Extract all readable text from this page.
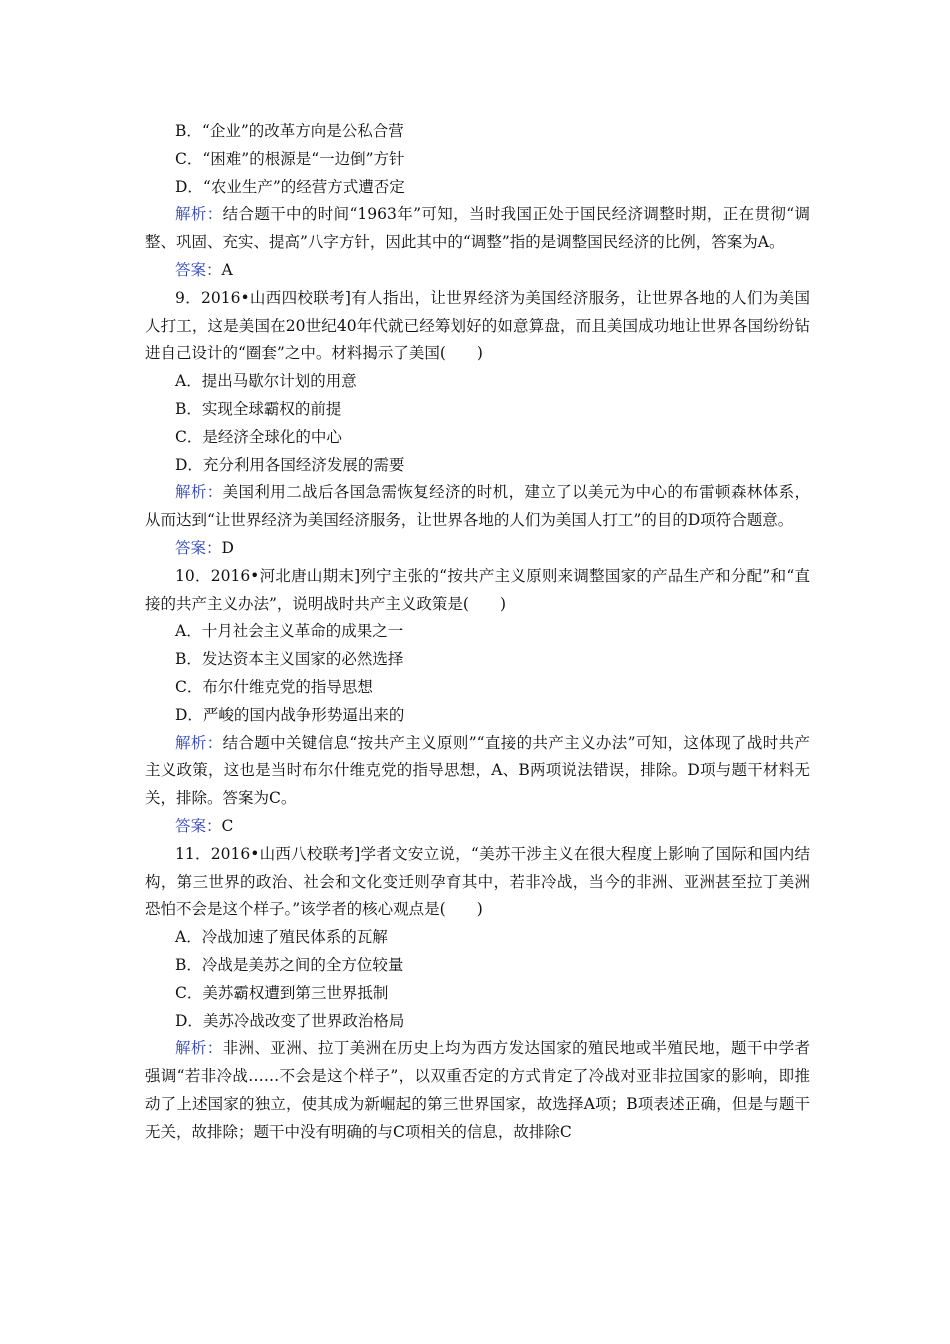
B．“企业”的改革方向是公私合营
C．“困难”的根源是“一边倒”方针
D．“农业生产”的经营方式遭否定
解析：结合题干中的时间“1963年”可知，当时我国正处于国民经济调整时期，正在贯彻“调整、巩固、充实、提高”八字方针，因此其中的“调整”指的是调整国民经济的比例，答案为A。
答案：A
9．2016•山西四校联考]有人指出，让世界经济为美国经济服务，让世界各地的人们为美国人打工，这是美国在20世纪40年代就已经筹划好的如意算盘，而且美国成功地让世界各国纷纷钻进自己设计的“圈套”之中。材料揭示了美国(　　)
A．提出马歇尔计划的用意
B．实现全球霸权的前提
C．是经济全球化的中心
D．充分利用各国经济发展的需要
解析：美国利用二战后各国急需恢复经济的时机，建立了以美元为中心的布雷顿森林体系，从而达到“让世界经济为美国经济服务，让世界各地的人们为美国人打工”的目的D项符合题意。
答案：D
10．2016•河北唐山期末]列宁主张的“按共产主义原则来调整国家的产品生产和分配”和“直接的共产主义办法”，说明战时共产主义政策是(　　)
A．十月社会主义革命的成果之一
B．发达资本主义国家的必然选择
C．布尔什维克党的指导思想
D．严峻的国内战争形势逼出来的
解析：结合题中关键信息“按共产主义原则”“直接的共产主义办法”可知，这体现了战时共产主义政策，这也是当时布尔什维克党的指导思想，A、B两项说法错误，排除。D项与题干材料无关，排除。答案为C。
答案：C
11．2016•山西八校联考]学者文安立说，“美苏干涉主义在很大程度上影响了国际和国内结构，第三世界的政治、社会和文化变迁则孕育其中，若非冷战，当今的非洲、亚洲甚至拉丁美洲恐怕不会是这个样子。”该学者的核心观点是(　　)
A．冷战加速了殖民体系的瓦解
B．冷战是美苏之间的全方位较量
C．美苏霸权遭到第三世界抵制
D．美苏冷战改变了世界政治格局
解析：非洲、亚洲、拉丁美洲在历史上均为西方发达国家的殖民地或半殖民地，题干中学者强调“若非冷战……不会是这个样子”，以双重否定的方式肯定了冷战对亚非拉国家的影响，即推动了上述国家的独立，使其成为新崛起的第三世界国家，故选择A项；B项表述正确，但是与题干无关，故排除；题干中没有明确的与C项相关的信息，故排除C
